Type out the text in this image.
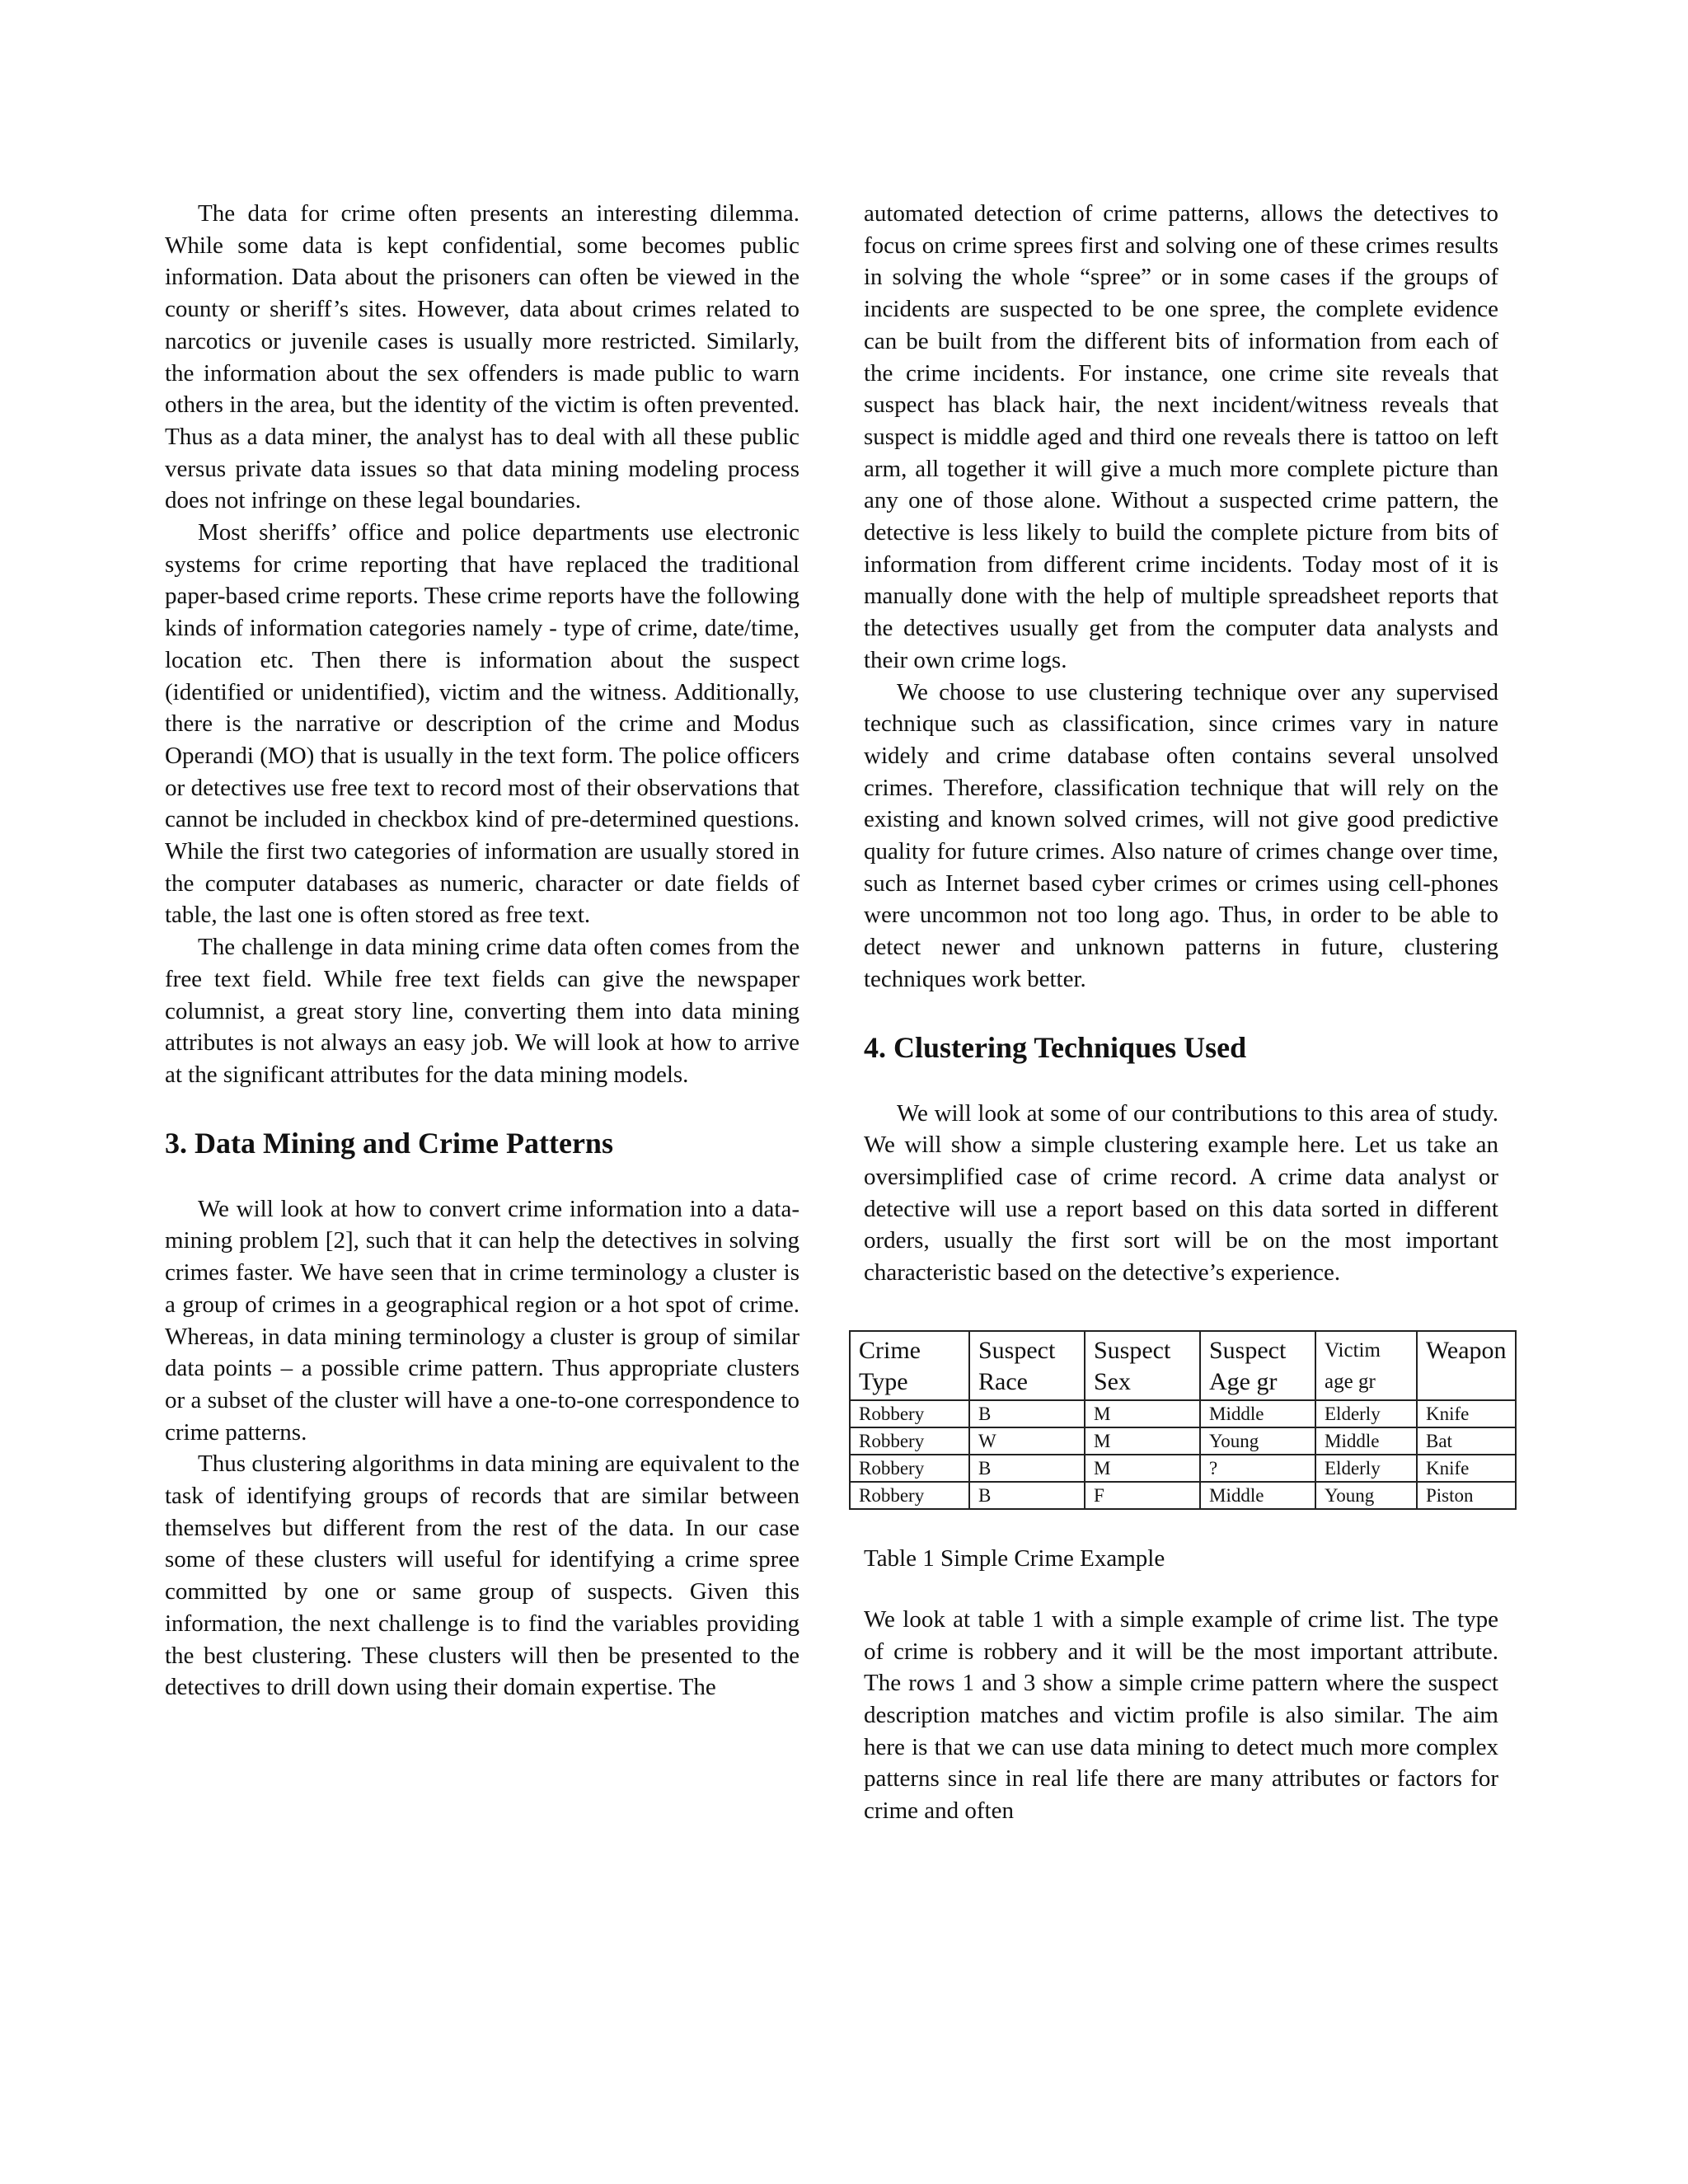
The data for crime often presents an interesting dilemma. While some data is kept confidential, some becomes public information. Data about the prisoners can often be viewed in the county or sheriff’s sites. However, data about crimes related to narcotics or juvenile cases is usually more restricted. Similarly, the information about the sex offenders is made public to warn others in the area, but the identity of the victim is often prevented. Thus as a data miner, the analyst has to deal with all these public versus private data issues so that data mining modeling process does not infringe on these legal boundaries.

Most sheriffs’ office and police departments use electronic systems for crime reporting that have replaced the traditional paper-based crime reports. These crime reports have the following kinds of information categories namely - type of crime, date/time, location etc. Then there is information about the suspect (identified or unidentified), victim and the witness. Additionally, there is the narrative or description of the crime and Modus Operandi (MO) that is usually in the text form. The police officers or detectives use free text to record most of their observations that cannot be included in checkbox kind of pre-determined questions. While the first two categories of information are usually stored in the computer databases as numeric, character or date fields of table, the last one is often stored as free text.

The challenge in data mining crime data often comes from the free text field. While free text fields can give the newspaper columnist, a great story line, converting them into data mining attributes is not always an easy job. We will look at how to arrive at the significant attributes for the data mining models.

3. Data Mining and Crime Patterns

We will look at how to convert crime information into a data-mining problem [2], such that it can help the detectives in solving crimes faster. We have seen that in crime terminology a cluster is a group of crimes in a geographical region or a hot spot of crime. Whereas, in data mining terminology a cluster is group of similar data points – a possible crime pattern. Thus appropriate clusters or a subset of the cluster will have a one-to-one correspondence to crime patterns.

Thus clustering algorithms in data mining are equivalent to the task of identifying groups of records that are similar between themselves but different from the rest of the data. In our case some of these clusters will useful for identifying a crime spree committed by one or same group of suspects. Given this information, the next challenge is to find the variables providing the best clustering. These clusters will then be presented to the detectives to drill down using their domain expertise. The

automated detection of crime patterns, allows the detectives to focus on crime sprees first and solving one of these crimes results in solving the whole “spree” or in some cases if the groups of incidents are suspected to be one spree, the complete evidence can be built from the different bits of information from each of the crime incidents. For instance, one crime site reveals that suspect has black hair, the next incident/witness reveals that suspect is middle aged and third one reveals there is tattoo on left arm, all together it will give a much more complete picture than any one of those alone. Without a suspected crime pattern, the detective is less likely to build the complete picture from bits of information from different crime incidents. Today most of it is manually done with the help of multiple spreadsheet reports that the detectives usually get from the computer data analysts and their own crime logs.

We choose to use clustering technique over any supervised technique such as classification, since crimes vary in nature widely and crime database often contains several unsolved crimes. Therefore, classification technique that will rely on the existing and known solved crimes, will not give good predictive quality for future crimes. Also nature of crimes change over time, such as Internet based cyber crimes or crimes using cell-phones were uncommon not too long ago. Thus, in order to be able to detect newer and unknown patterns in future, clustering techniques work better.

4. Clustering Techniques Used

We will look at some of our contributions to this area of study. We will show a simple clustering example here. Let us take an oversimplified case of crime record. A crime data analyst or detective will use a report based on this data sorted in different orders, usually the first sort will be on the most important characteristic based on the detective’s experience.

Crime Type	Suspect Race	Suspect Sex	Suspect Age gr	Victim age gr	Weapon
Robbery	B	M	Middle	Elderly	Knife
Robbery	W	M	Young	Middle	Bat
Robbery	B	M	?	Elderly	Knife
Robbery	B	F	Middle	Young	Piston

Table 1 Simple Crime Example

We look at table 1 with a simple example of crime list. The type of crime is robbery and it will be the most important attribute. The rows 1 and 3 show a simple crime pattern where the suspect description matches and victim profile is also similar. The aim here is that we can use data mining to detect much more complex patterns since in real life there are many attributes or factors for crime and often
